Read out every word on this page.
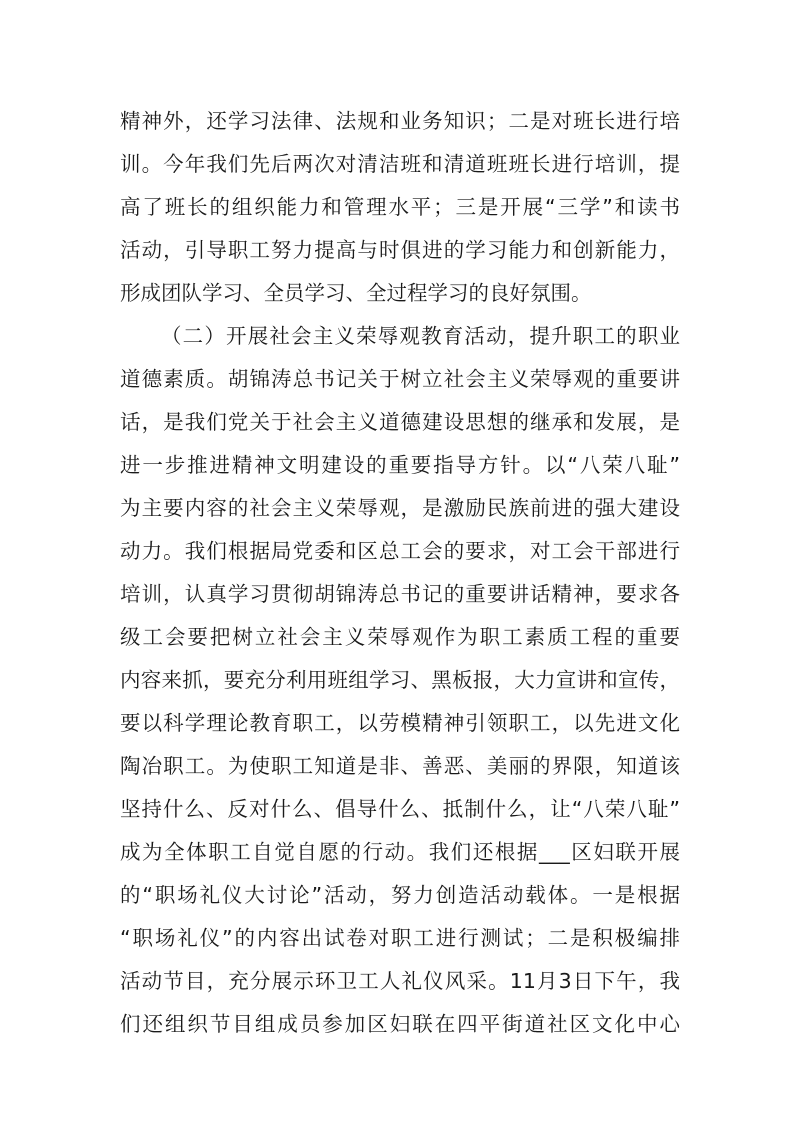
精神外，还学习法律、法规和业务知识；二是对班长进行培
训。今年我们先后两次对清洁班和清道班班长进行培训，提
高了班长的组织能力和管理水平；三是开展“三学”和读书
活动，引导职工努力提高与时俱进的学习能力和创新能力，
形成团队学习、全员学习、全过程学习的良好氛围。
（二）开展社会主义荣辱观教育活动，提升职工的职业
道德素质。胡锦涛总书记关于树立社会主义荣辱观的重要讲
话，是我们党关于社会主义道德建设思想的继承和发展，是
进一步推进精神文明建设的重要指导方针。以“八荣八耻”
为主要内容的社会主义荣辱观，是激励民族前进的强大建设
动力。我们根据局党委和区总工会的要求，对工会干部进行
培训，认真学习贯彻胡锦涛总书记的重要讲话精神，要求各
级工会要把树立社会主义荣辱观作为职工素质工程的重要
内容来抓，要充分利用班组学习、黑板报，大力宣讲和宣传，
要以科学理论教育职工，以劳模精神引领职工，以先进文化
陶冶职工。为使职工知道是非、善恶、美丽的界限，知道该
坚持什么、反对什么、倡导什么、抵制什么，让“八荣八耻”
成为全体职工自觉自愿的行动。我们还根据___区妇联开展
的“职场礼仪大讨论”活动，努力创造活动载体。一是根据
“职场礼仪”的内容出试卷对职工进行测试；二是积极编排
活动节目，充分展示环卫工人礼仪风采。11月3日下午，我
们还组织节目组成员参加区妇联在四平街道社区文化中心
